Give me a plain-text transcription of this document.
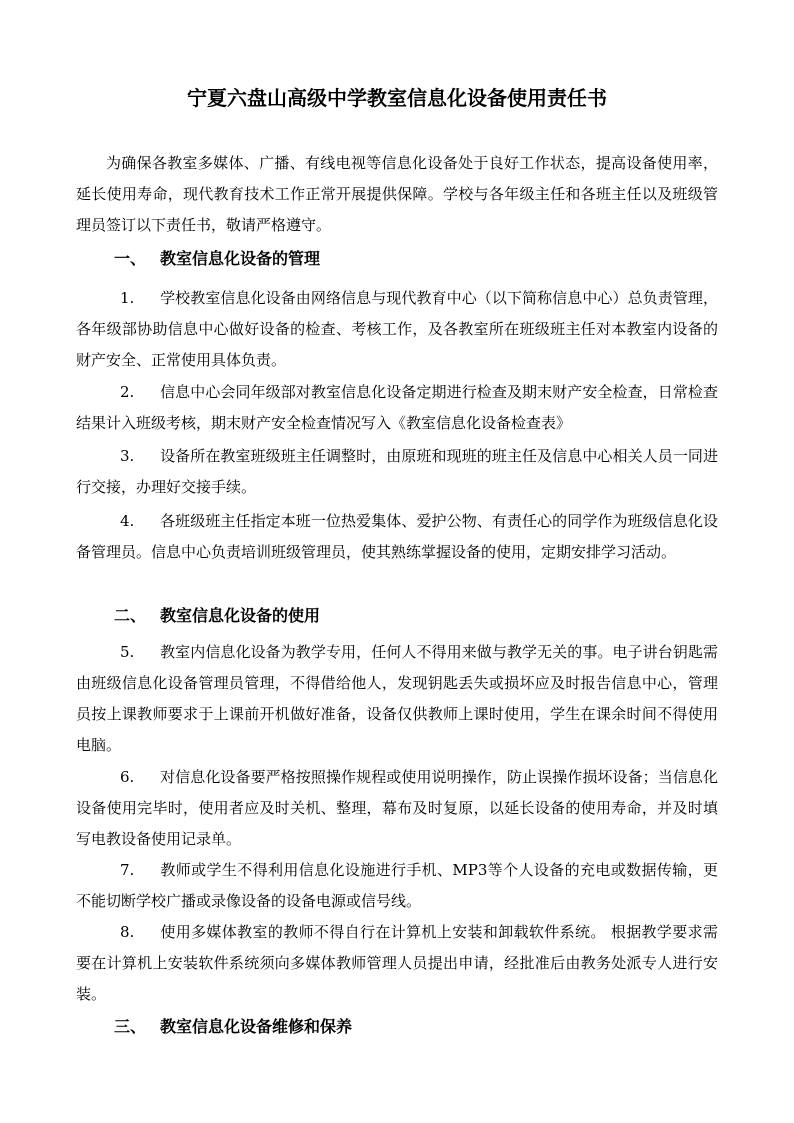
宁夏六盘山高级中学教室信息化设备使用责任书

为确保各教室多媒体、广播、有线电视等信息化设备处于良好工作状态，提高设备使用率，延长使用寿命，现代教育技术工作正常开展提供保障。学校与各年级主任和各班主任以及班级管理员签订以下责任书，敬请严格遵守。

一、 教室信息化设备的管理

1. 学校教室信息化设备由网络信息与现代教育中心（以下简称信息中心）总负责管理，各年级部协助信息中心做好设备的检查、考核工作，及各教室所在班级班主任对本教室内设备的财产安全、正常使用具体负责。

2. 信息中心会同年级部对教室信息化设备定期进行检查及期末财产安全检查，日常检查结果计入班级考核，期末财产安全检查情况写入《教室信息化设备检查表》

3. 设备所在教室班级班主任调整时，由原班和现班的班主任及信息中心相关人员一同进行交接，办理好交接手续。

4. 各班级班主任指定本班一位热爱集体、爱护公物、有责任心的同学作为班级信息化设备管理员。信息中心负责培训班级管理员，使其熟练掌握设备的使用，定期安排学习活动。

二、 教室信息化设备的使用

5. 教室内信息化设备为教学专用，任何人不得用来做与教学无关的事。电子讲台钥匙需由班级信息化设备管理员管理，不得借给他人，发现钥匙丢失或损坏应及时报告信息中心，管理员按上课教师要求于上课前开机做好准备，设备仅供教师上课时使用，学生在课余时间不得使用电脑。

6. 对信息化设备要严格按照操作规程或使用说明操作，防止误操作损坏设备；当信息化设备使用完毕时，使用者应及时关机、整理，幕布及时复原，以延长设备的使用寿命，并及时填写电教设备使用记录单。

7. 教师或学生不得利用信息化设施进行手机、MP3等个人设备的充电或数据传输，更不能切断学校广播或录像设备的设备电源或信号线。

8. 使用多媒体教室的教师不得自行在计算机上安装和卸载软件系统。 根据教学要求需要在计算机上安装软件系统须向多媒体教师管理人员提出申请，经批准后由教务处派专人进行安装。

三、 教室信息化设备维修和保养
